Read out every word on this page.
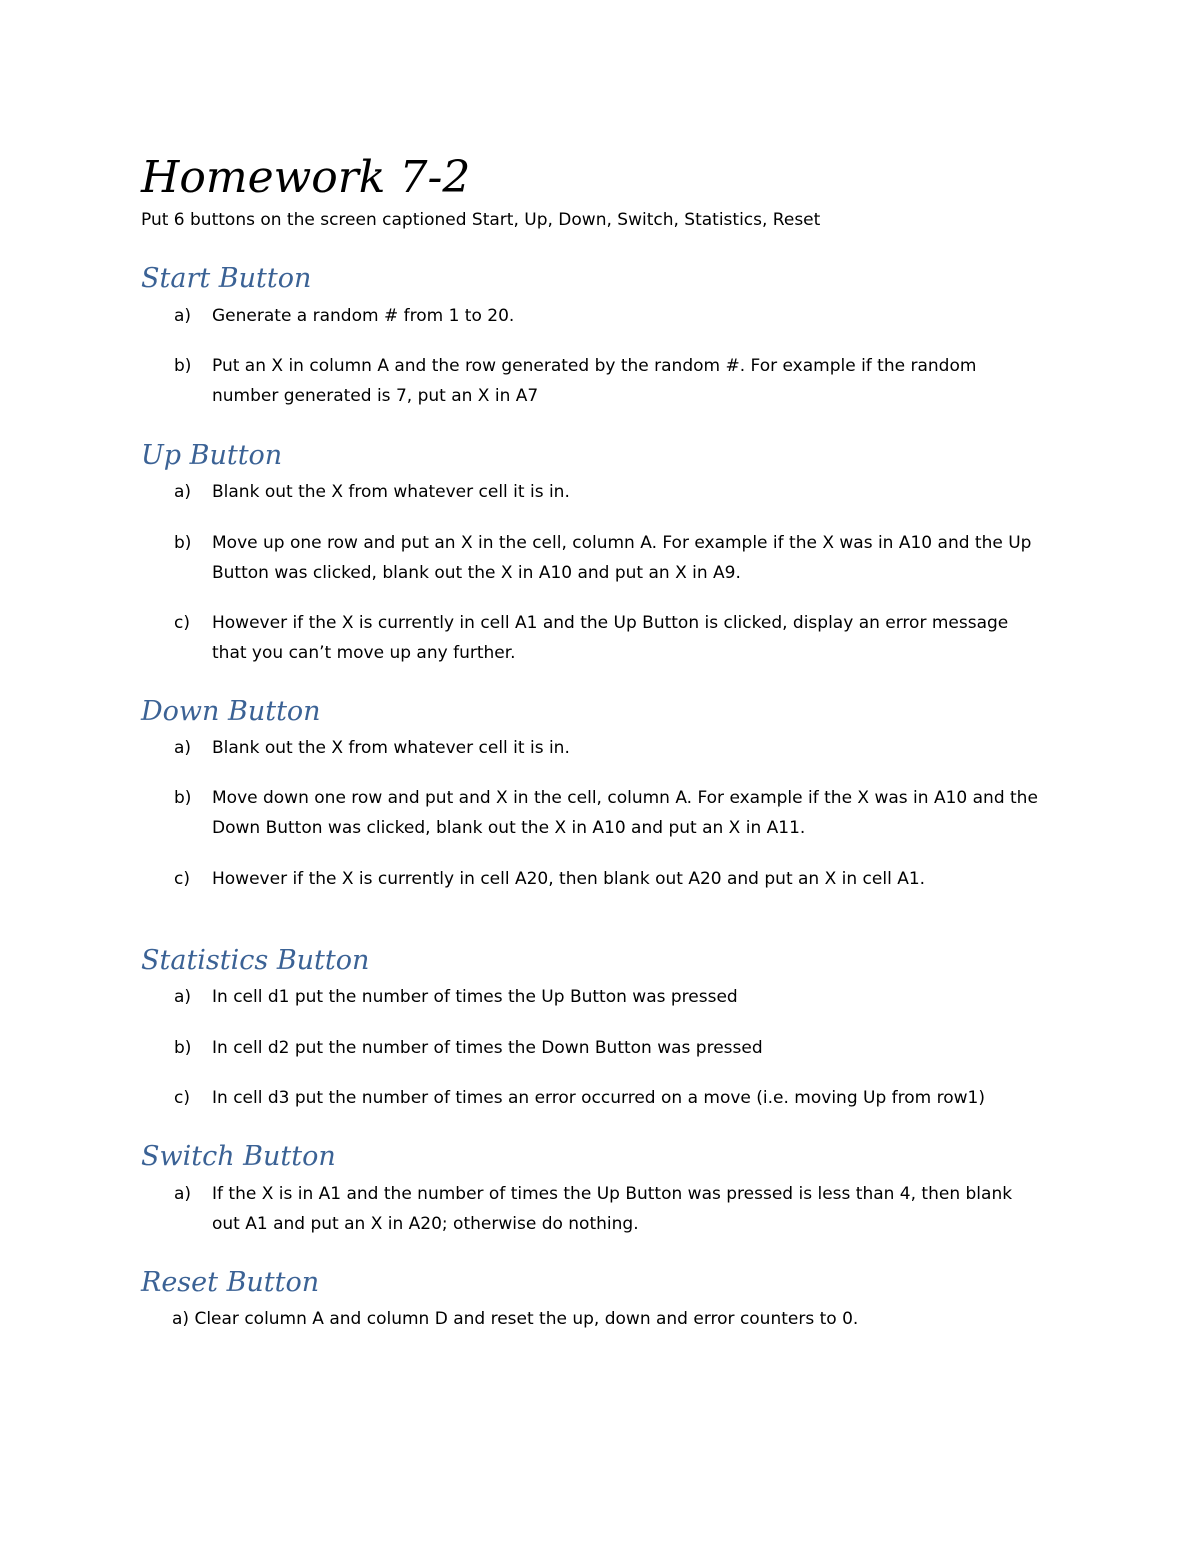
Homework 7-2

Put 6 buttons on the screen captioned Start, Up, Down, Switch, Statistics, Reset

Start Button
a)	Generate a random # from 1 to 20.
b)	Put an X in column A and the row generated by the random #. For example if the random
number generated is 7, put an X in A7
Up Button
a)	Blank out the X from whatever cell it is in.
b)	Move up one row and put an X in the cell, column A. For example if the X was in A10 and the Up
Button was clicked, blank out the X in A10 and put an X in A9.
c)	However if the X is currently in cell A1 and the Up Button is clicked, display an error message
that you can’t move up any further.
Down Button
a)	Blank out the X from whatever cell it is in.
b)	Move down one row and put and X in the cell, column A. For example if the X was in A10 and the
Down Button was clicked, blank out the X in A10 and put an X in A11.
c)	However if the X is currently in cell A20, then blank out A20 and put an X in cell A1.
Statistics Button
a)	In cell d1 put the number of times the Up Button was pressed
b)	In cell d2 put the number of times the Down Button was pressed
c)	In cell d3 put the number of times an error occurred on a move (i.e. moving Up from row1)
Switch Button
a)	If the X is in A1 and the number of times the Up Button was pressed is less than 4, then blank
out A1 and put an X in A20; otherwise do nothing.
Reset Button

a) Clear column A and column D and reset the up, down and error counters to 0.
